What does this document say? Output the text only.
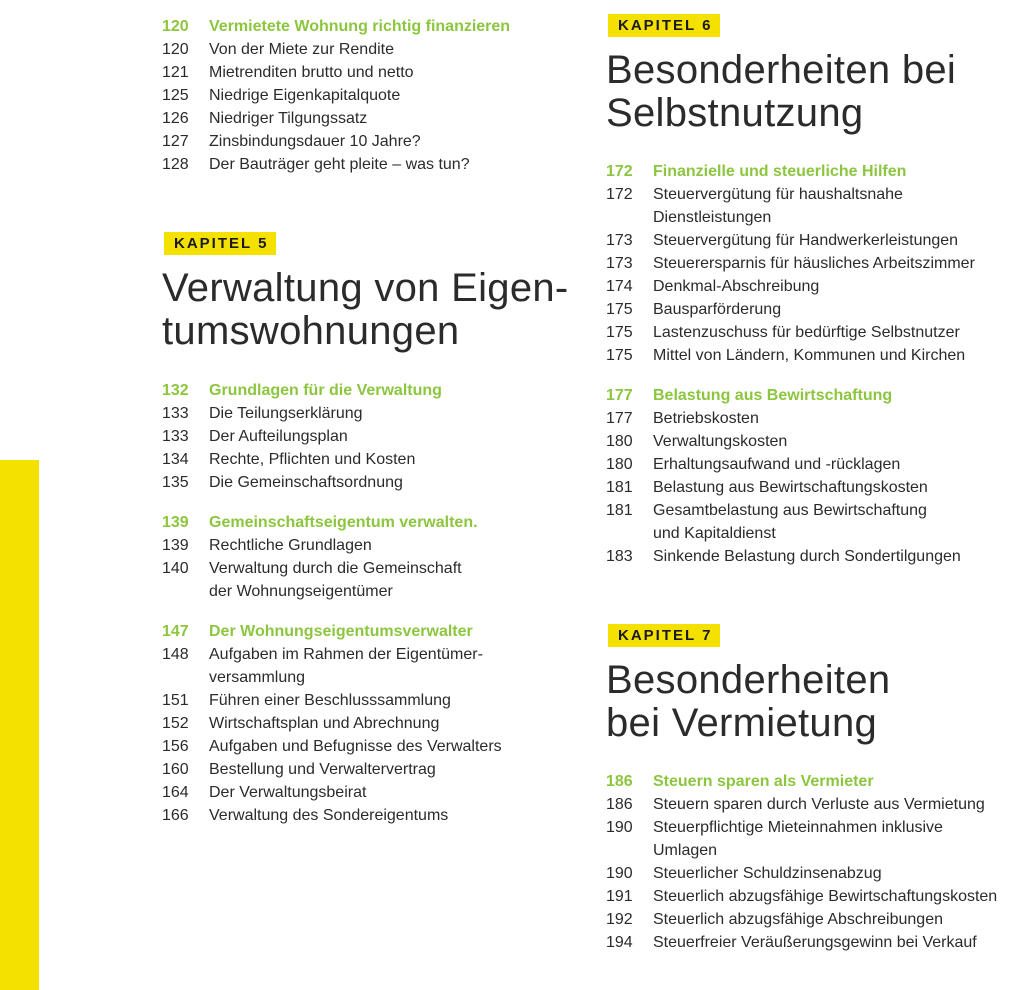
120	Vermietete Wohnung richtig finanzieren
120	Von der Miete zur Rendite
121	Mietrenditen brutto und netto
125	Niedrige Eigenkapitalquote
126	Niedriger Tilgungssatz
127	Zinsbindungsdauer 10 Jahre?
128	Der Bauträger geht pleite – was tun?
KAPITEL 5
Verwaltung von Eigen-
tumswohnungen
132	Grundlagen für die Verwaltung
133	Die Teilungserklärung
133	Der Aufteilungsplan
134	Rechte, Pflichten und Kosten
135	Die Gemeinschaftsordnung
139	Gemeinschaftseigentum verwalten.
139	Rechtliche Grundlagen
140	Verwaltung durch die Gemeinschaft
der Wohnungseigentümer
147	Der Wohnungseigentumsverwalter
148	Aufgaben im Rahmen der Eigentümer-
versammlung
151	Führen einer Beschlusssammlung
152	Wirtschaftsplan und Abrechnung
156	Aufgaben und Befugnisse des Verwalters
160	Bestellung und Verwaltervertrag
164	Der Verwaltungsbeirat
166	Verwaltung des Sondereigentums
KAPITEL 6
Besonderheiten bei
Selbstnutzung
172	Finanzielle und steuerliche Hilfen
172	Steuervergütung für haushaltsnahe
Dienstleistungen
173	Steuervergütung für Handwerkerleistungen
173	Steuerersparnis für häusliches Arbeitszimmer
174	Denkmal-Abschreibung
175	Bausparförderung
175	Lastenzuschuss für bedürftige Selbstnutzer
175	Mittel von Ländern, Kommunen und Kirchen
177	Belastung aus Bewirtschaftung
177	Betriebskosten
180	Verwaltungskosten
180	Erhaltungsaufwand und -rücklagen
181	Belastung aus Bewirtschaftungskosten
181	Gesamtbelastung aus Bewirtschaftung
und Kapitaldienst
183	Sinkende Belastung durch Sondertilgungen
KAPITEL 7
Besonderheiten
bei Vermietung
186	Steuern sparen als Vermieter
186	Steuern sparen durch Verluste aus Vermietung
190	Steuerpflichtige Mieteinnahmen inklusive
Umlagen
190	Steuerlicher Schuldzinsenabzug
191	Steuerlich abzugsfähige Bewirtschaftungskosten
192	Steuerlich abzugsfähige Abschreibungen
194	Steuerfreier Veräußerungsgewinn bei Verkauf
